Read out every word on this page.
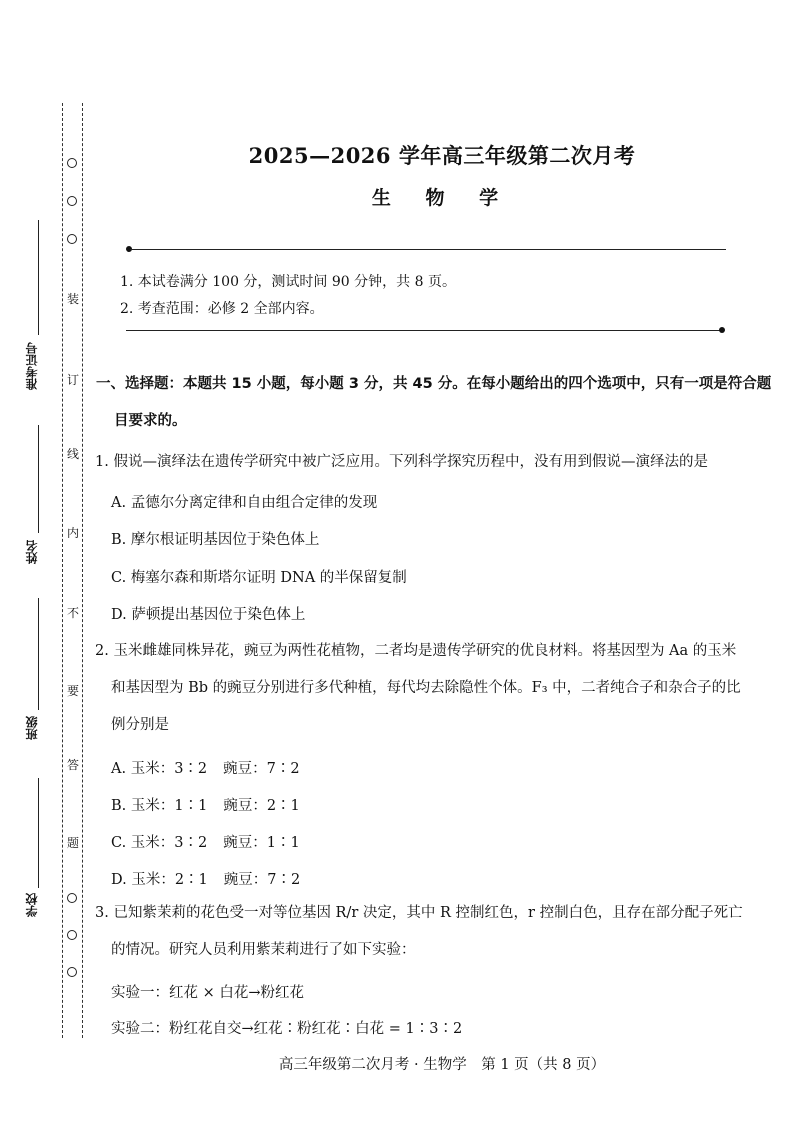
装
订
线
内
不
要
答
题
准考证号
姓名
班级
学校
2025—2026 学年高三年级第二次月考
生 物 学
1. 本试卷满分 100 分，测试时间 90 分钟，共 8 页。
2. 考查范围：必修 2 全部内容。
一、选择题：本题共 15 小题，每小题 3 分，共 45 分。在每小题给出的四个选项中，只有一项是符合题
目要求的。
1. 假说—演绎法在遗传学研究中被广泛应用。下列科学探究历程中，没有用到假说—演绎法的是
A. 孟德尔分离定律和自由组合定律的发现
B. 摩尔根证明基因位于染色体上
C. 梅塞尔森和斯塔尔证明 DNA 的半保留复制
D. 萨顿提出基因位于染色体上
2. 玉米雌雄同株异花，豌豆为两性花植物，二者均是遗传学研究的优良材料。将基因型为 Aa 的玉米
和基因型为 Bb 的豌豆分别进行多代种植，每代均去除隐性个体。F₃ 中，二者纯合子和杂合子的比
例分别是
A. 玉米：3∶2 豌豆：7∶2
B. 玉米：1∶1 豌豆：2∶1
C. 玉米：3∶2 豌豆：1∶1
D. 玉米：2∶1 豌豆：7∶2
3. 已知紫茉莉的花色受一对等位基因 R/r 决定，其中 R 控制红色，r 控制白色，且存在部分配子死亡
的情况。研究人员利用紫茉莉进行了如下实验：
实验一：红花 × 白花→粉红花
实验二：粉红花自交→红花∶粉红花∶白花 = 1∶3∶2
高三年级第二次月考 · 生物学　第 1 页（共 8 页）
